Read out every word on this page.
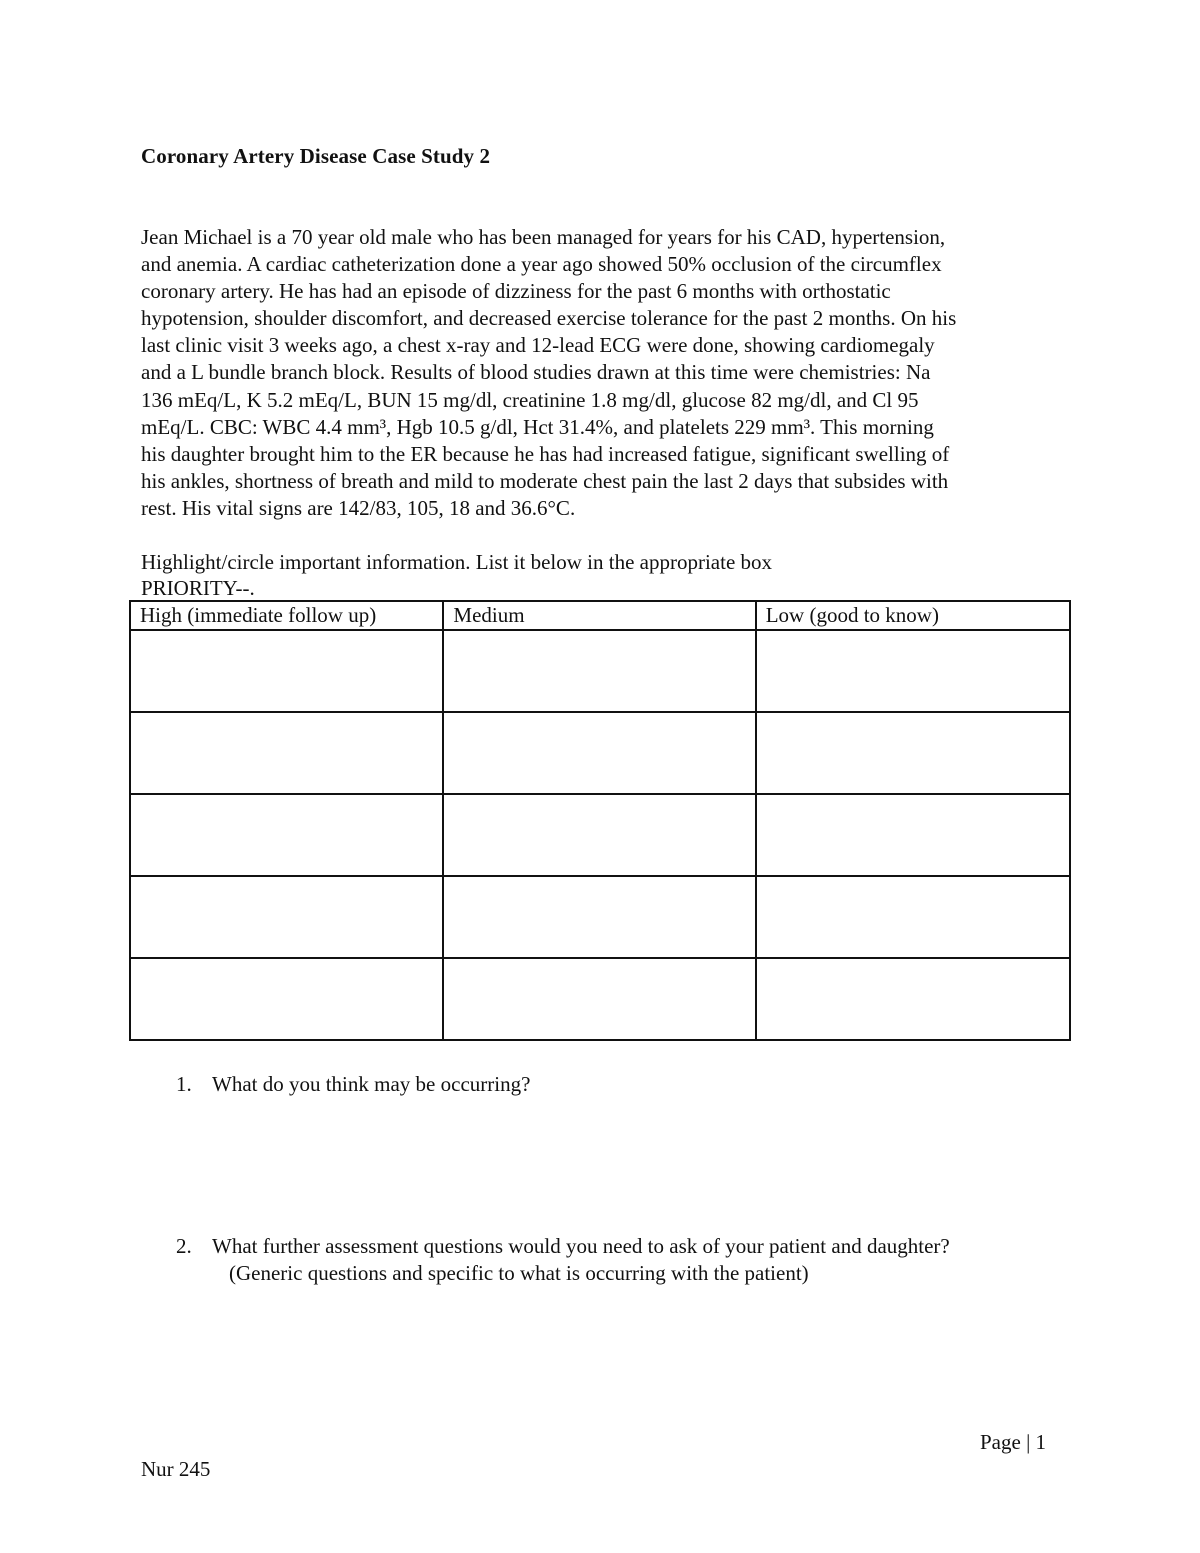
Coronary Artery Disease Case Study 2

Jean Michael is a 70 year old male who has been managed for years for his CAD, hypertension,
and anemia. A cardiac catheterization done a year ago showed 50% occlusion of the circumflex
coronary artery. He has had an episode of dizziness for the past 6 months with orthostatic
hypotension, shoulder discomfort, and decreased exercise tolerance for the past 2 months. On his
last clinic visit 3 weeks ago, a chest x-ray and 12-lead ECG were done, showing cardiomegaly
and a L bundle branch block. Results of blood studies drawn at this time were chemistries: Na
136 mEq/L, K 5.2 mEq/L, BUN 15 mg/dl, creatinine 1.8 mg/dl, glucose 82 mg/dl, and Cl 95
mEq/L. CBC: WBC 4.4 mm³, Hgb 10.5 g/dl, Hct 31.4%, and platelets 229 mm³. This morning
his daughter brought him to the ER because he has had increased fatigue, significant swelling of
his ankles, shortness of breath and mild to moderate chest pain the last 2 days that subsides with
rest. His vital signs are 142/83, 105, 18 and 36.6°C.

Highlight/circle important information. List it below in the appropriate box
PRIORITY--.
High (immediate follow up)	Medium	Low (good to know)

1. What do you think may be occurring?
2. What further assessment questions would you need to ask of your patient and daughter?
(Generic questions and specific to what is occurring with the patient)
Page | 1
Nur 245
